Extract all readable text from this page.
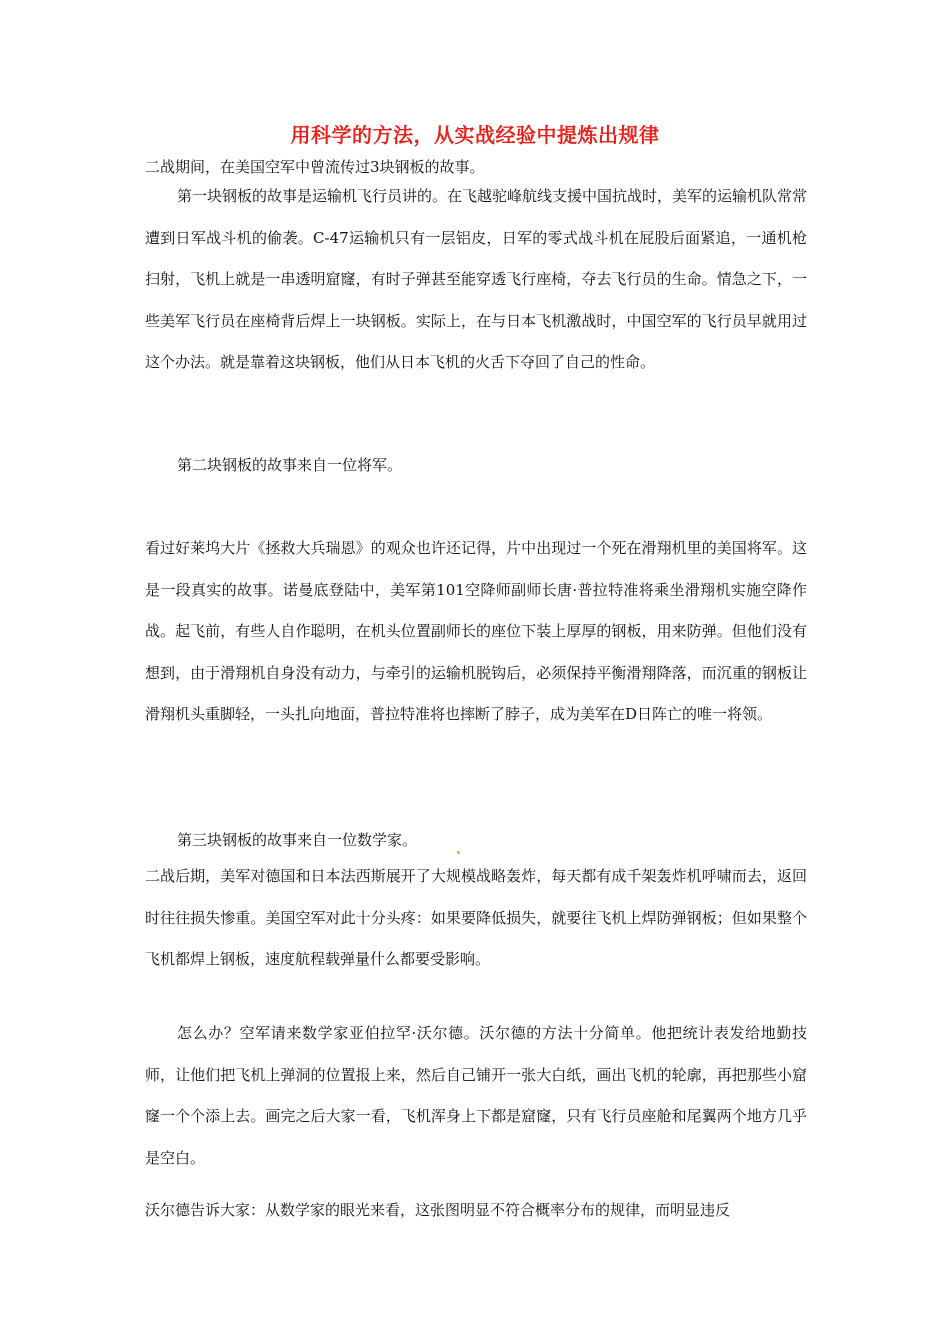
用科学的方法，从实战经验中提炼出规律

二战期间，在美国空军中曾流传过3块钢板的故事。

第一块钢板的故事是运输机飞行员讲的。在飞越驼峰航线支援中国抗战时，美军的运输机队常常遭到日军战斗机的偷袭。C-47运输机只有一层铝皮，日军的零式战斗机在屁股后面紧追，一通机枪扫射，飞机上就是一串透明窟窿，有时子弹甚至能穿透飞行座椅，夺去飞行员的生命。情急之下，一些美军飞行员在座椅背后焊上一块钢板。实际上，在与日本飞机激战时，中国空军的飞行员早就用过这个办法。就是靠着这块钢板，他们从日本飞机的火舌下夺回了自己的性命。

第二块钢板的故事来自一位将军。

看过好莱坞大片《拯救大兵瑞恩》的观众也许还记得，片中出现过一个死在滑翔机里的美国将军。这是一段真实的故事。诺曼底登陆中，美军第101空降师副师长唐·普拉特准将乘坐滑翔机实施空降作战。起飞前，有些人自作聪明，在机头位置副师长的座位下装上厚厚的钢板，用来防弹。但他们没有想到，由于滑翔机自身没有动力，与牵引的运输机脱钩后，必须保持平衡滑翔降落，而沉重的钢板让滑翔机头重脚轻，一头扎向地面，普拉特准将也摔断了脖子，成为美军在D日阵亡的唯一将领。

第三块钢板的故事来自一位数学家。

二战后期，美军对德国和日本法西斯展开了大规模战略轰炸，每天都有成千架轰炸机呼啸而去，返回时往往损失惨重。美国空军对此十分头疼：如果要降低损失，就要往飞机上焊防弹钢板；但如果整个飞机都焊上钢板，速度航程载弹量什么都要受影响。

怎么办？空军请来数学家亚伯拉罕·沃尔德。沃尔德的方法十分简单。他把统计表发给地勤技师，让他们把飞机上弹洞的位置报上来，然后自己铺开一张大白纸，画出飞机的轮廓，再把那些小窟窿一个个添上去。画完之后大家一看，飞机浑身上下都是窟窿，只有飞行员座舱和尾翼两个地方几乎是空白。

沃尔德告诉大家：从数学家的眼光来看，这张图明显不符合概率分布的规律，而明显违反
